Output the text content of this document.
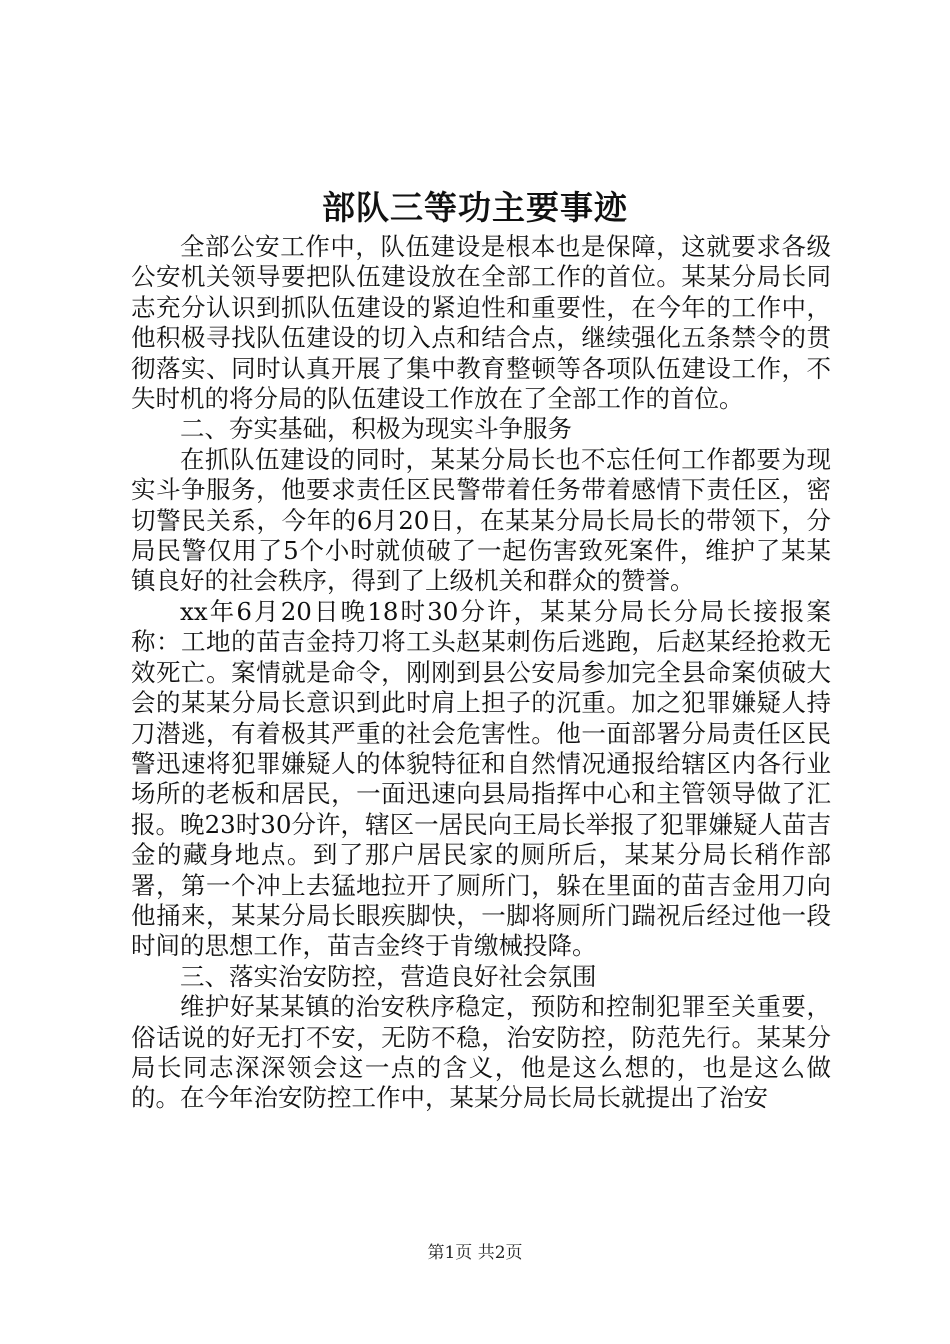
部队三等功主要事迹

全部公安工作中，队伍建设是根本也是保障，这就要求各级公安机关领导要把队伍建设放在全部工作的首位。某某分局长同志充分认识到抓队伍建设的紧迫性和重要性，在今年的工作中，他积极寻找队伍建设的切入点和结合点，继续强化五条禁令的贯彻落实、同时认真开展了集中教育整顿等各项队伍建设工作，不失时机的将分局的队伍建设工作放在了全部工作的首位。

二、夯实基础，积极为现实斗争服务

在抓队伍建设的同时，某某分局长也不忘任何工作都要为现实斗争服务，他要求责任区民警带着任务带着感情下责任区，密切警民关系，今年的6月20日，在某某分局长局长的带领下，分局民警仅用了5个小时就侦破了一起伤害致死案件，维护了某某镇良好的社会秩序，得到了上级机关和群众的赞誉。

xx年6月20日晚18时30分许，某某分局长分局长接报案称：工地的苗吉金持刀将工头赵某刺伤后逃跑，后赵某经抢救无效死亡。案情就是命令，刚刚到县公安局参加完全县命案侦破大会的某某分局长意识到此时肩上担子的沉重。加之犯罪嫌疑人持刀潜逃，有着极其严重的社会危害性。他一面部署分局责任区民警迅速将犯罪嫌疑人的体貌特征和自然情况通报给辖区内各行业场所的老板和居民，一面迅速向县局指挥中心和主管领导做了汇报。晚23时30分许，辖区一居民向王局长举报了犯罪嫌疑人苗吉金的藏身地点。到了那户居民家的厕所后，某某分局长稍作部署，第一个冲上去猛地拉开了厕所门，躲在里面的苗吉金用刀向他捅来，某某分局长眼疾脚快，一脚将厕所门踹祝后经过他一段时间的思想工作，苗吉金终于肯缴械投降。

三、落实治安防控，营造良好社会氛围

维护好某某镇的治安秩序稳定，预防和控制犯罪至关重要，俗话说的好无打不安，无防不稳，治安防控，防范先行。某某分局长同志深深领会这一点的含义，他是这么想的，也是这么做的。在今年治安防控工作中，某某分局长局长就提出了治安

第1页 共2页
